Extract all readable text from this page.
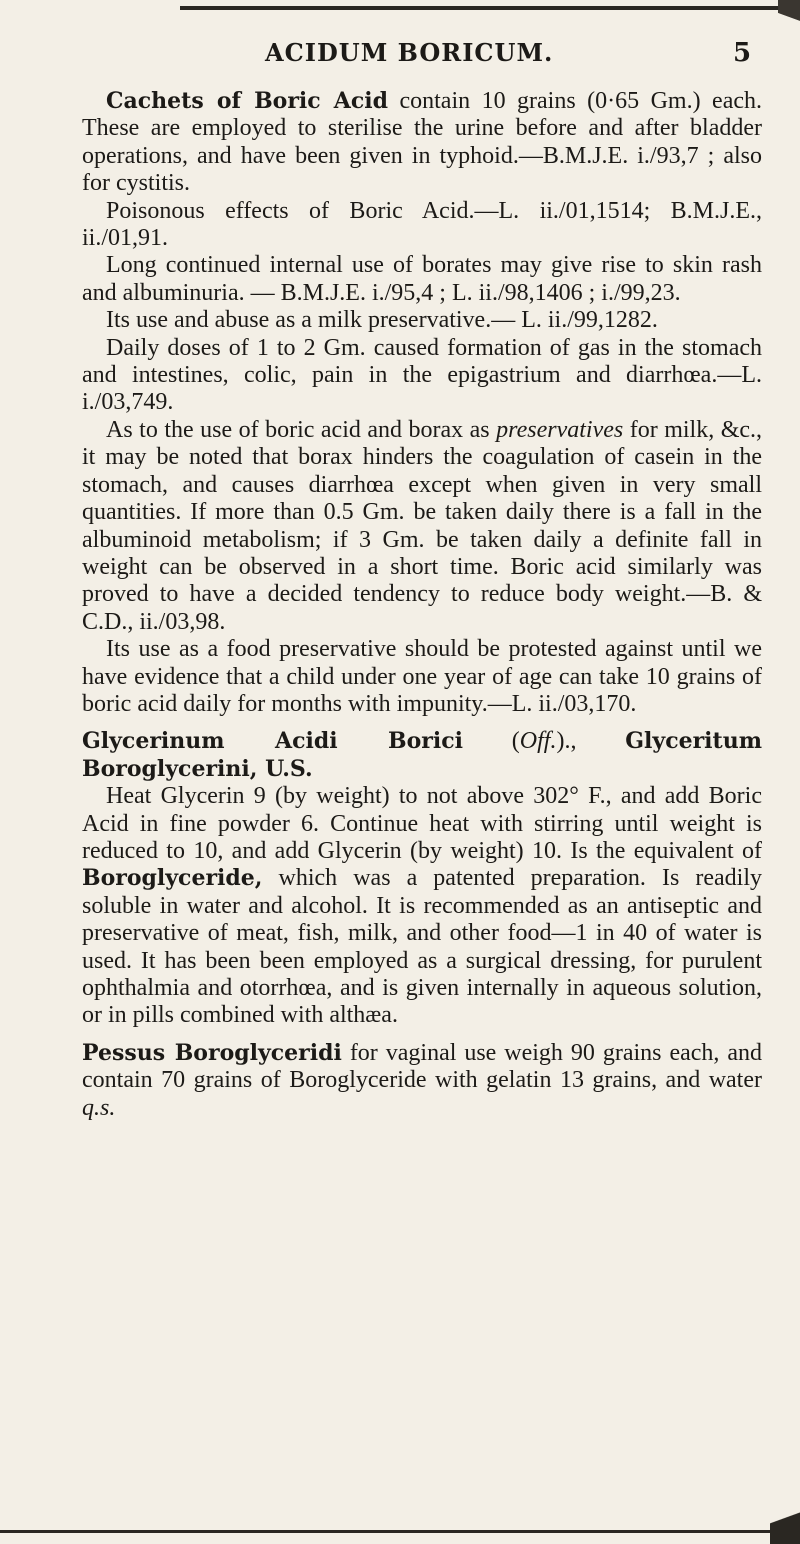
ACIDUM BORICUM.	5

Cachets of Boric Acid contain 10 grains (0·65 Gm.) each. These are employed to sterilise the urine before and after bladder operations, and have been given in typhoid.—B.M.J.E. i./93,7 ; also for cystitis.

Poisonous effects of Boric Acid.—L. ii./01,1514; B.M.J.E., ii./01,91.

Long continued internal use of borates may give rise to skin rash and albuminuria. — B.M.J.E. i./95,4 ; L. ii./98,1406 ; i./99,23.

Its use and abuse as a milk preservative.— L. ii./99,1282.

Daily doses of 1 to 2 Gm. caused formation of gas in the stomach and intestines, colic, pain in the epigastrium and diarrhœa.—L. i./03,749.

As to the use of boric acid and borax as preservatives for milk, &c., it may be noted that borax hinders the coagulation of casein in the stomach, and causes diarrhœa except when given in very small quantities. If more than 0.5 Gm. be taken daily there is a fall in the albuminoid metabolism; if 3 Gm. be taken daily a definite fall in weight can be observed in a short time. Boric acid similarly was proved to have a decided tendency to reduce body weight.—B. & C.D., ii./03,98.

Its use as a food preservative should be protested against until we have evidence that a child under one year of age can take 10 grains of boric acid daily for months with impunity.—L. ii./03,170.

Glycerinum Acidi Borici (Off.)., Glyceritum Boroglycerini, U.S.

Heat Glycerin 9 (by weight) to not above 302° F., and add Boric Acid in fine powder 6. Continue heat with stirring until weight is reduced to 10, and add Glycerin (by weight) 10. Is the equivalent of Boroglyceride, which was a patented preparation. Is readily soluble in water and alcohol. It is recommended as an antiseptic and preservative of meat, fish, milk, and other food—1 in 40 of water is used. It has been been employed as a surgical dressing, for purulent ophthalmia and otorrhœa, and is given internally in aqueous solution, or in pills combined with althæa.

Pessus Boroglyceridi for vaginal use weigh 90 grains each, and contain 70 grains of Boroglyceride with gelatin 13 grains, and water q.s.
